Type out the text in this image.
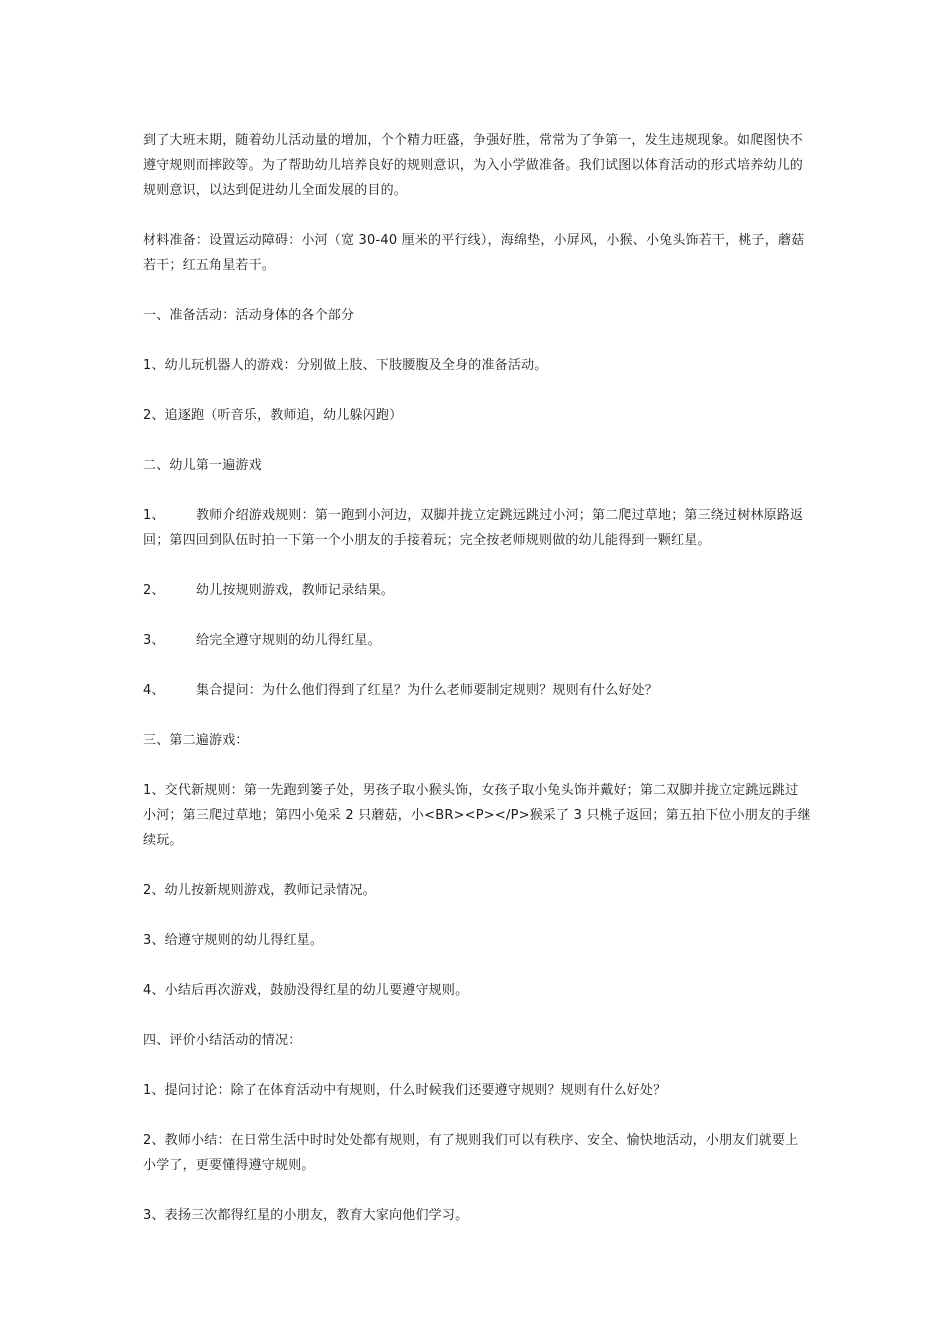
到了大班末期，随着幼儿活动量的增加，个个精力旺盛，争强好胜，常常为了争第一，发生违规现象。如爬图快不遵守规则而摔跤等。为了帮助幼儿培养良好的规则意识，为入小学做准备。我们试图以体育活动的形式培养幼儿的规则意识，以达到促进幼儿全面发展的目的。

材料准备：设置运动障碍：小河（宽 30-40 厘米的平行线），海绵垫，小屏风，小猴、小兔头饰若干，桃子，蘑菇若干；红五角星若干。

一、准备活动：活动身体的各个部分

1、幼儿玩机器人的游戏：分别做上肢、下肢腰腹及全身的准备活动。

2、追逐跑（听音乐，教师追，幼儿躲闪跑）

二、幼儿第一遍游戏

1、 教师介绍游戏规则：第一跑到小河边，双脚并拢立定跳远跳过小河；第二爬过草地；第三绕过树林原路返回；第四回到队伍时拍一下第一个小朋友的手接着玩；完全按老师规则做的幼儿能得到一颗红星。

2、 幼儿按规则游戏，教师记录结果。

3、 给完全遵守规则的幼儿得红星。

4、 集合提问：为什么他们得到了红星？为什么老师要制定规则？规则有什么好处？

三、第二遍游戏：

1、交代新规则：第一先跑到篓子处，男孩子取小猴头饰，女孩子取小兔头饰并戴好；第二双脚并拢立定跳远跳过小河；第三爬过草地；第四小兔采 2 只蘑菇，小<BR><P></P>猴采了 3 只桃子返回；第五拍下位小朋友的手继续玩。

2、幼儿按新规则游戏，教师记录情况。

3、给遵守规则的幼儿得红星。

4、小结后再次游戏，鼓励没得红星的幼儿要遵守规则。

四、评价小结活动的情况：

1、提问讨论：除了在体育活动中有规则，什么时候我们还要遵守规则？规则有什么好处？

2、教师小结：在日常生活中时时处处都有规则，有了规则我们可以有秩序、安全、愉快地活动，小朋友们就要上小学了，更要懂得遵守规则。

3、表扬三次都得红星的小朋友，教育大家向他们学习。
